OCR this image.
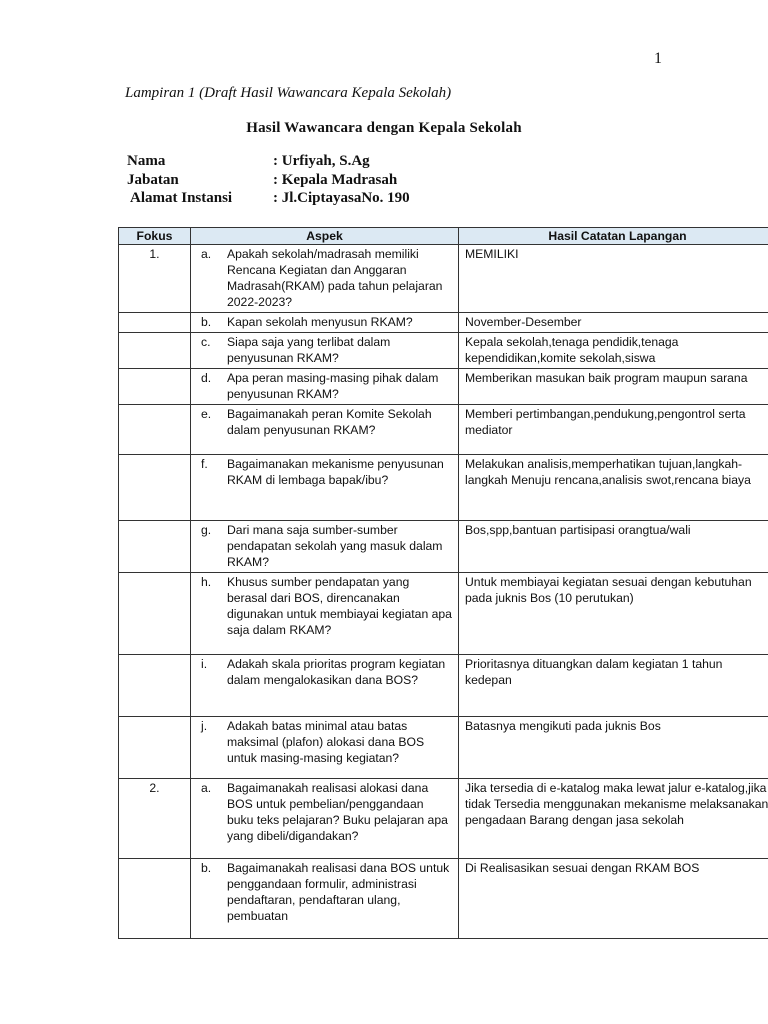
1
Lampiran 1 (Draft Hasil Wawancara Kepala Sekolah)
Hasil Wawancara dengan Kepala Sekolah
Nama	: Urfiyah, S.Ag
Jabatan	: Kepala Madrasah
Alamat Instansi	: Jl.CiptayasaNo. 190
Fokus	Aspek	Hasil Catatan Lapangan
1.	a. Apakah sekolah/madrasah memiliki Rencana Kegiatan dan Anggaran Madrasah(RKAM) pada tahun pelajaran 2022-2023?	MEMILIKI

	b. Kapan sekolah menyusun RKAM?	November-Desember

	c. Siapa saja yang terlibat dalam penyusunan RKAM?	Kepala sekolah,tenaga pendidik,tenaga kependidikan,komite sekolah,siswa

	d. Apa peran masing-masing pihak dalam penyusunan RKAM?	Memberikan masukan baik program maupun sarana

	e. Bagaimanakah peran Komite Sekolah dalam penyusunan RKAM?	Memberi pertimbangan,pendukung,pengontrol serta mediator

	f. Bagaimanakan mekanisme penyusunan RKAM di lembaga bapak/ibu?	Melakukan analisis,memperhatikan tujuan,langkah-langkah Menuju rencana,analisis swot,rencana biaya

	g. Dari mana saja sumber-sumber pendapatan sekolah yang masuk dalam RKAM?	Bos,spp,bantuan partisipasi orangtua/wali

	h. Khusus sumber pendapatan yang berasal dari BOS, direncanakan digunakan untuk membiayai kegiatan apa saja dalam RKAM?	Untuk membiayai kegiatan sesuai dengan kebutuhan pada juknis Bos (10 perutukan)

	i. Adakah skala prioritas program kegiatan dalam mengalokasikan dana BOS?	Prioritasnya dituangkan dalam kegiatan 1 tahun kedepan

	j. Adakah batas minimal atau batas maksimal (plafon) alokasi dana BOS untuk masing-masing kegiatan?	Batasnya mengikuti pada juknis Bos
2.	a. Bagaimanakah realisasi alokasi dana BOS untuk pembelian/penggandaan buku teks pelajaran? Buku pelajaran apa yang dibeli/digandakan?	Jika tersedia di e-katalog maka lewat jalur e-katalog,jika tidak Tersedia menggunakan mekanisme melaksanakan pengadaan Barang dengan jasa sekolah

	b. Bagaimanakah realisasi dana BOS untuk penggandaan formulir, administrasi pendaftaran, pendaftaran ulang, pembuatan	Di Realisasikan sesuai dengan RKAM BOS
